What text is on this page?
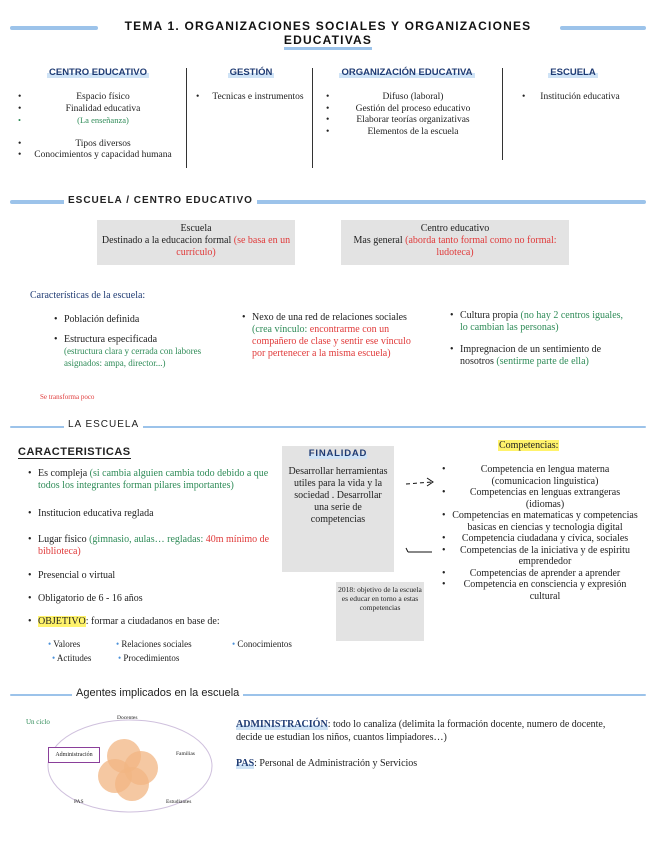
TEMA 1. ORGANIZACIONES SOCIALES Y ORGANIZACIONES
EDUCATIVAS
CENTRO EDUCATIVO
• Espacio físico
• Finalidad educativa
• (La enseñanza)
• Tipos diversos
• Conocimientos y capacidad humana
GESTIÓN
• Tecnicas e instrumentos
ORGANIZACIÓN EDUCATIVA
• Difuso (laboral)
• Gestión del proceso educativo
• Elaborar teorías organizativas
• Elementos de la escuela
ESCUELA
• Institución educativa
ESCUELA / CENTRO EDUCATIVO
Escuela
Destinado a la educacion formal (se basa en un currículo)
Centro educativo
Mas general (aborda tanto formal como no formal: ludoteca)
Características de la escuela:
• Población definida
• Estructura especificada
(estructura clara y cerrada con labores asignados: ampa, director...)
Se transforma poco
• Nexo de una red de relaciones sociales (crea vínculo: encontrarme con un compañero de clase y sentir ese vínculo por pertenecer a la misma escuela)
• Cultura propia (no hay 2 centros iguales, lo cambian las personas)
• Impregnacion de un sentimiento de nosotros (sentirme parte de ella)
LA ESCUELA
CARACTERISTICAS
• Es compleja (si cambia alguien cambia todo debido a que todos los integrantes forman pilares importantes)
• Institucion educativa reglada
• Lugar fisico (gimnasio, aulas… regladas: 40m mínimo de biblioteca)
• Presencial o virtual
• Obligatorio de 6 - 16 años
• OBJETIVO: formar a ciudadanos en base de:
• Valores	• Relaciones sociales	• Conocimientos
• Actitudes	• Procedimientos
FINALIDAD
Desarrollar herramientas utiles para la vida y la sociedad . Desarrollar una serie de competencias
2018: objetivo de la escuela es educar en torno a estas competencias
Competencias:
• Competencia en lengua materna (comunicacion linguistica)
• Competencias en lenguas extrangeras (idiomas)
• Competencias en matematicas y competencias basicas en ciencias y tecnologia digital
• Competencia ciudadana y cívica, sociales
• Competencias de la iniciativa y de espiritu emprendedor
• Competencias de aprender a aprender
• Competencia en consciencia y expresión cultural
Agentes implicados en la escuela
Un ciclo
Administración
Docentes
Familias
Estudiantes
PAS
ADMINISTRACIÓN: todo lo canaliza (delimita la formación docente, numero de docente, decide ue estudian los niños, cuantos limpiadores…)
PAS: Personal de Administración y Servicios
